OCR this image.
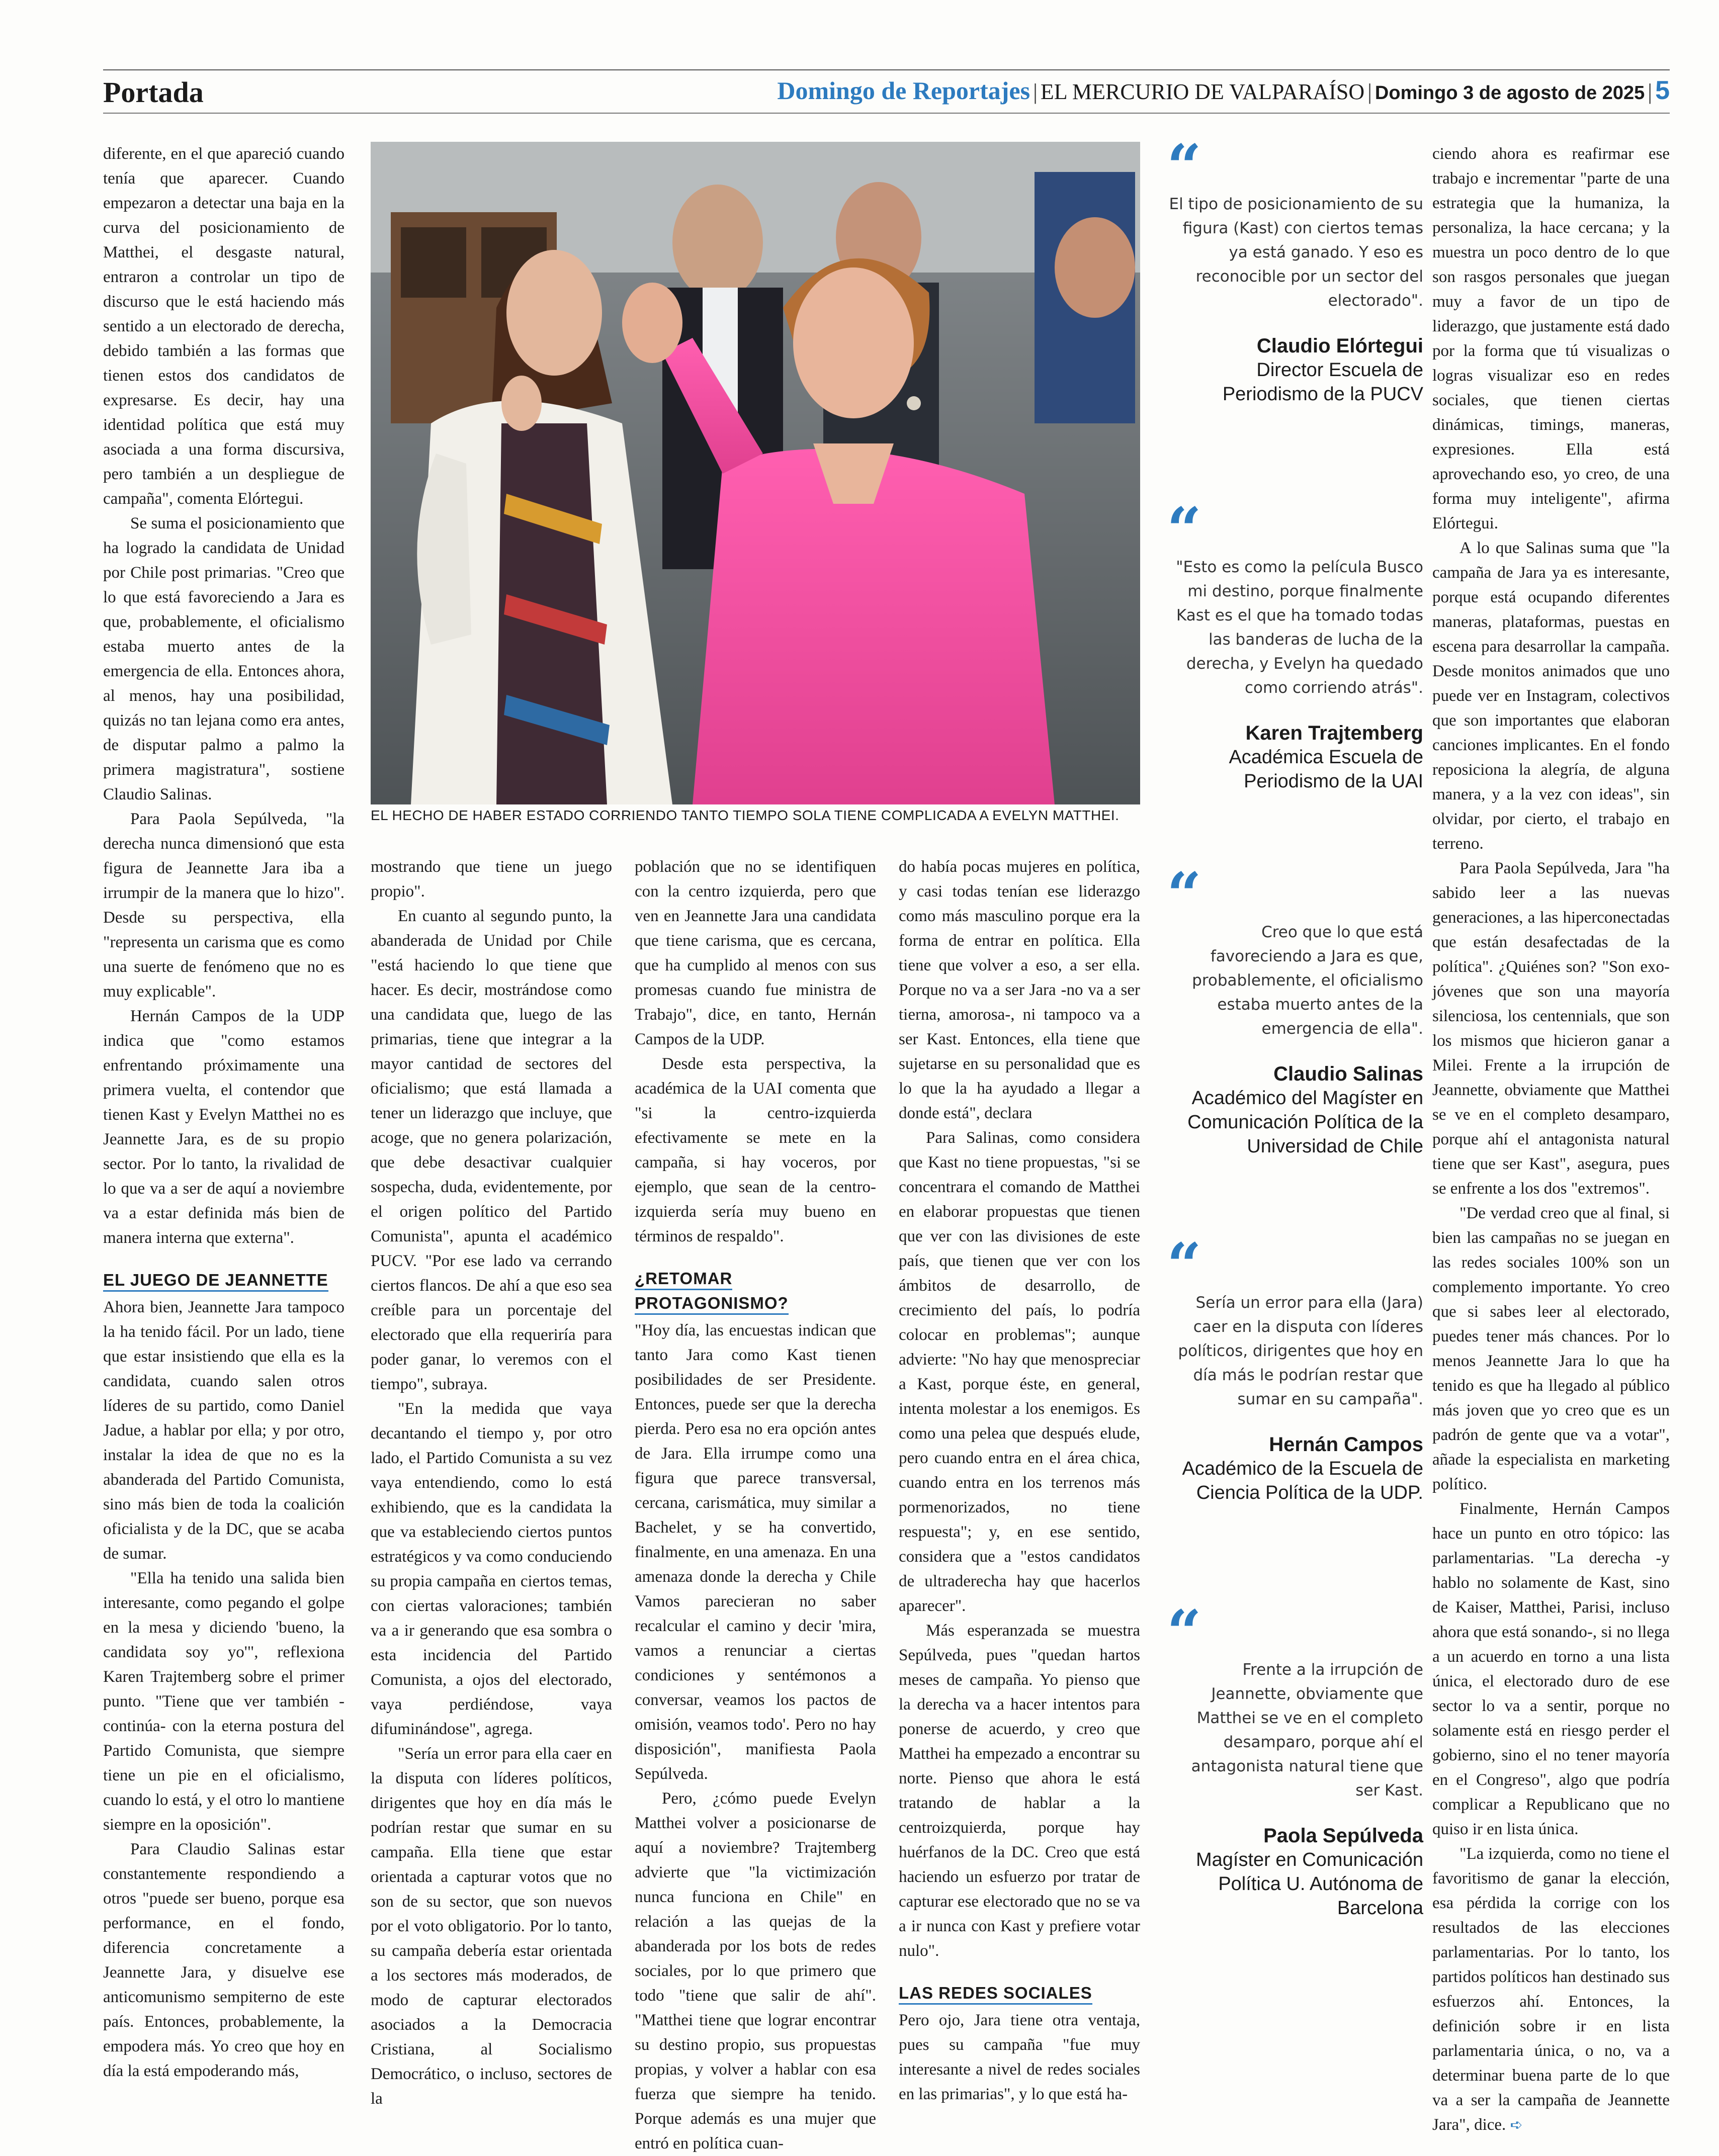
Portada	Domingo de Reportajes | EL MERCURIO DE VALPARAÍSO | Domingo 3 de agosto de 2025 | 5

diferente, en el que apareció cuando tenía que aparecer. Cuando empezaron a detectar una baja en la curva del posicionamiento de Matthei, el desgaste natural, entraron a controlar un tipo de discurso que le está haciendo más sentido a un electorado de derecha, debido también a las formas que tienen estos dos candidatos de expresarse. Es decir, hay una identidad política que está muy asociada a una forma discursiva, pero también a un despliegue de campaña", comenta Elórtegui.

Se suma el posicionamiento que ha logrado la candidata de Unidad por Chile post primarias. "Creo que lo que está favoreciendo a Jara es que, probablemente, el oficialismo estaba muerto antes de la emergencia de ella. Entonces ahora, al menos, hay una posibilidad, quizás no tan lejana como era antes, de disputar palmo a palmo la primera magistratura", sostiene Claudio Salinas.

Para Paola Sepúlveda, "la derecha nunca dimensionó que esta figura de Jeannette Jara iba a irrumpir de la manera que lo hizo". Desde su perspectiva, ella "representa un carisma que es como una suerte de fenómeno que no es muy explicable".

Hernán Campos de la UDP indica que "como estamos enfrentando próximamente una primera vuelta, el contendor que tienen Kast y Evelyn Matthei no es Jeannette Jara, es de su propio sector. Por lo tanto, la rivalidad de lo que va a ser de aquí a noviembre va a estar definida más bien de manera interna que externa".

EL JUEGO DE JEANNETTE

Ahora bien, Jeannette Jara tampoco la ha tenido fácil. Por un lado, tiene que estar insistiendo que ella es la candidata, cuando salen otros líderes de su partido, como Daniel Jadue, a hablar por ella; y por otro, instalar la idea de que no es la abanderada del Partido Comunista, sino más bien de toda la coalición oficialista y de la DC, que se acaba de sumar.

"Ella ha tenido una salida bien interesante, como pegando el golpe en la mesa y diciendo 'bueno, la candidata soy yo'", reflexiona Karen Trajtemberg sobre el primer punto. "Tiene que ver también -continúa- con la eterna postura del Partido Comunista, que siempre tiene un pie en el oficialismo, cuando lo está, y el otro lo mantiene siempre en la oposición".

Para Claudio Salinas estar constantemente respondiendo a otros "puede ser bueno, porque esa performance, en el fondo, diferencia concretamente a Jeannette Jara, y disuelve ese anticomunismo sempiterno de este país. Entonces, probablemente, la empodera más. Yo creo que hoy en día la está empoderando más,

EL HECHO DE HABER ESTADO CORRIENDO TANTO TIEMPO SOLA TIENE COMPLICADA A EVELYN MATTHEI.

mostrando que tiene un juego propio".

En cuanto al segundo punto, la abanderada de Unidad por Chile "está haciendo lo que tiene que hacer. Es decir, mostrándose como una candidata que, luego de las primarias, tiene que integrar a la mayor cantidad de sectores del oficialismo; que está llamada a tener un liderazgo que incluye, que acoge, que no genera polarización, que debe desactivar cualquier sospecha, duda, evidentemente, por el origen político del Partido Comunista", apunta el académico PUCV. "Por ese lado va cerrando ciertos flancos. De ahí a que eso sea creíble para un porcentaje del electorado que ella requeriría para poder ganar, lo veremos con el tiempo", subraya.

"En la medida que vaya decantando el tiempo y, por otro lado, el Partido Comunista a su vez vaya entendiendo, como lo está exhibiendo, que es la candidata la que va estableciendo ciertos puntos estratégicos y va como conduciendo su propia campaña en ciertos temas, con ciertas valoraciones; también va a ir generando que esa sombra o esta incidencia del Partido Comunista, a ojos del electorado, vaya perdiéndose, vaya difuminándose", agrega.

"Sería un error para ella caer en la disputa con líderes políticos, dirigentes que hoy en día más le podrían restar que sumar en su campaña. Ella tiene que estar orientada a capturar votos que no son de su sector, que son nuevos por el voto obligatorio. Por lo tanto, su campaña debería estar orientada a los sectores más moderados, de modo de capturar electorados asociados a la Democracia Cristiana, al Socialismo Democrático, o incluso, sectores de la

población que no se identifiquen con la centro izquierda, pero que ven en Jeannette Jara una candidata que tiene carisma, que es cercana, que ha cumplido al menos con sus promesas cuando fue ministra de Trabajo", dice, en tanto, Hernán Campos de la UDP.

Desde esta perspectiva, la académica de la UAI comenta que "si la centro-izquierda efectivamente se mete en la campaña, si hay voceros, por ejemplo, que sean de la centro-izquierda sería muy bueno en términos de respaldo".

¿RETOMAR PROTAGONISMO?

"Hoy día, las encuestas indican que tanto Jara como Kast tienen posibilidades de ser Presidente. Entonces, puede ser que la derecha pierda. Pero esa no era opción antes de Jara. Ella irrumpe como una figura que parece transversal, cercana, carismática, muy similar a Bachelet, y se ha convertido, finalmente, en una amenaza. En una amenaza donde la derecha y Chile Vamos parecieran no saber recalcular el camino y decir 'mira, vamos a renunciar a ciertas condiciones y sentémonos a conversar, veamos los pactos de omisión, veamos todo'. Pero no hay disposición", manifiesta Paola Sepúlveda.

Pero, ¿cómo puede Evelyn Matthei volver a posicionarse de aquí a noviembre? Trajtemberg advierte que "la victimización nunca funciona en Chile" en relación a las quejas de la abanderada por los bots de redes sociales, por lo que primero que todo "tiene que salir de ahí". "Matthei tiene que lograr encontrar su destino propio, sus propuestas propias, y volver a hablar con esa fuerza que siempre ha tenido. Porque además es una mujer que entró en política cuan-

do había pocas mujeres en política, y casi todas tenían ese liderazgo como más masculino porque era la forma de entrar en política. Ella tiene que volver a eso, a ser ella. Porque no va a ser Jara -no va a ser tierna, amorosa-, ni tampoco va a ser Kast. Entonces, ella tiene que sujetarse en su personalidad que es lo que la ha ayudado a llegar a donde está", declara

Para Salinas, como considera que Kast no tiene propuestas, "si se concentrara el comando de Matthei en elaborar propuestas que tienen que ver con las divisiones de este país, que tienen que ver con los ámbitos de desarrollo, de crecimiento del país, lo podría colocar en problemas"; aunque advierte: "No hay que menospreciar a Kast, porque éste, en general, intenta molestar a los enemigos. Es como una pelea que después elude, pero cuando entra en el área chica, cuando entra en los terrenos más pormenorizados, no tiene respuesta"; y, en ese sentido, considera que a "estos candidatos de ultraderecha hay que hacerlos aparecer".

Más esperanzada se muestra Sepúlveda, pues "quedan hartos meses de campaña. Yo pienso que la derecha va a hacer intentos para ponerse de acuerdo, y creo que Matthei ha empezado a encontrar su norte. Pienso que ahora le está tratando de hablar a la centroizquierda, porque hay huérfanos de la DC. Creo que está haciendo un esfuerzo por tratar de capturar ese electorado que no se va a ir nunca con Kast y prefiere votar nulo".

LAS REDES SOCIALES

Pero ojo, Jara tiene otra ventaja, pues su campaña "fue muy interesante a nivel de redes sociales en las primarias", y lo que está ha-

“
El tipo de posicionamiento de su figura (Kast) con ciertos temas ya está ganado. Y eso es reconocible por un sector del electorado".
Claudio Elórtegui
Director Escuela de Periodismo de la PUCV
“
"Esto es como la película Busco mi destino, porque finalmente Kast es el que ha tomado todas las banderas de lucha de la derecha, y Evelyn ha quedado como corriendo atrás".
Karen Trajtemberg
Académica Escuela de Periodismo de la UAI
“
Creo que lo que está favoreciendo a Jara es que, probablemente, el oficialismo estaba muerto antes de la emergencia de ella".
Claudio Salinas
Académico del Magíster en Comunicación Política de la Universidad de Chile
“
Sería un error para ella (Jara) caer en la disputa con líderes políticos, dirigentes que hoy en día más le podrían restar que sumar en su campaña".
Hernán Campos
Académico de la Escuela de Ciencia Política de la UDP.
“
Frente a la irrupción de Jeannette, obviamente que Matthei se ve en el completo desamparo, porque ahí el antagonista natural tiene que ser Kast.
Paola Sepúlveda
Magíster en Comunicación Política U. Autónoma de Barcelona

ciendo ahora es reafirmar ese trabajo e incrementar "parte de una estrategia que la humaniza, la personaliza, la hace cercana; y la muestra un poco dentro de lo que son rasgos personales que juegan muy a favor de un tipo de liderazgo, que justamente está dado por la forma que tú visualizas o logras visualizar eso en redes sociales, que tienen ciertas dinámicas, timings, maneras, expresiones. Ella está aprovechando eso, yo creo, de una forma muy inteligente", afirma Elórtegui.

A lo que Salinas suma que "la campaña de Jara ya es interesante, porque está ocupando diferentes maneras, plataformas, puestas en escena para desarrollar la campaña. Desde monitos animados que uno puede ver en Instagram, colectivos que son importantes que elaboran canciones implicantes. En el fondo reposiciona la alegría, de alguna manera, y a la vez con ideas", sin olvidar, por cierto, el trabajo en terreno.

Para Paola Sepúlveda, Jara "ha sabido leer a las nuevas generaciones, a las hiperconectadas que están desafectadas de la política". ¿Quiénes son? "Son exo-jóvenes que son una mayoría silenciosa, los centennials, que son los mismos que hicieron ganar a Milei. Frente a la irrupción de Jeannette, obviamente que Matthei se ve en el completo desamparo, porque ahí el antagonista natural tiene que ser Kast", asegura, pues se enfrente a los dos "extremos".

"De verdad creo que al final, si bien las campañas no se juegan en las redes sociales 100% son un complemento importante. Yo creo que si sabes leer al electorado, puedes tener más chances. Por lo menos Jeannette Jara lo que ha tenido es que ha llegado al público más joven que yo creo que es un padrón de gente que va a votar", añade la especialista en marketing político.

Finalmente, Hernán Campos hace un punto en otro tópico: las parlamentarias. "La derecha -y hablo no solamente de Kast, sino de Kaiser, Matthei, Parisi, incluso ahora que está sonando-, si no llega a un acuerdo en torno a una lista única, el electorado duro de ese sector lo va a sentir, porque no solamente está en riesgo perder el gobierno, sino el no tener mayoría en el Congreso", algo que podría complicar a Republicano que no quiso ir en lista única.

"La izquierda, como no tiene el favoritismo de ganar la elección, esa pérdida la corrige con los resultados de las elecciones parlamentarias. Por lo tanto, los partidos políticos han destinado sus esfuerzos ahí. Entonces, la definición sobre ir en lista parlamentaria única, o no, va a determinar buena parte de lo que va a ser la campaña de Jeannette Jara", dice. ➪
